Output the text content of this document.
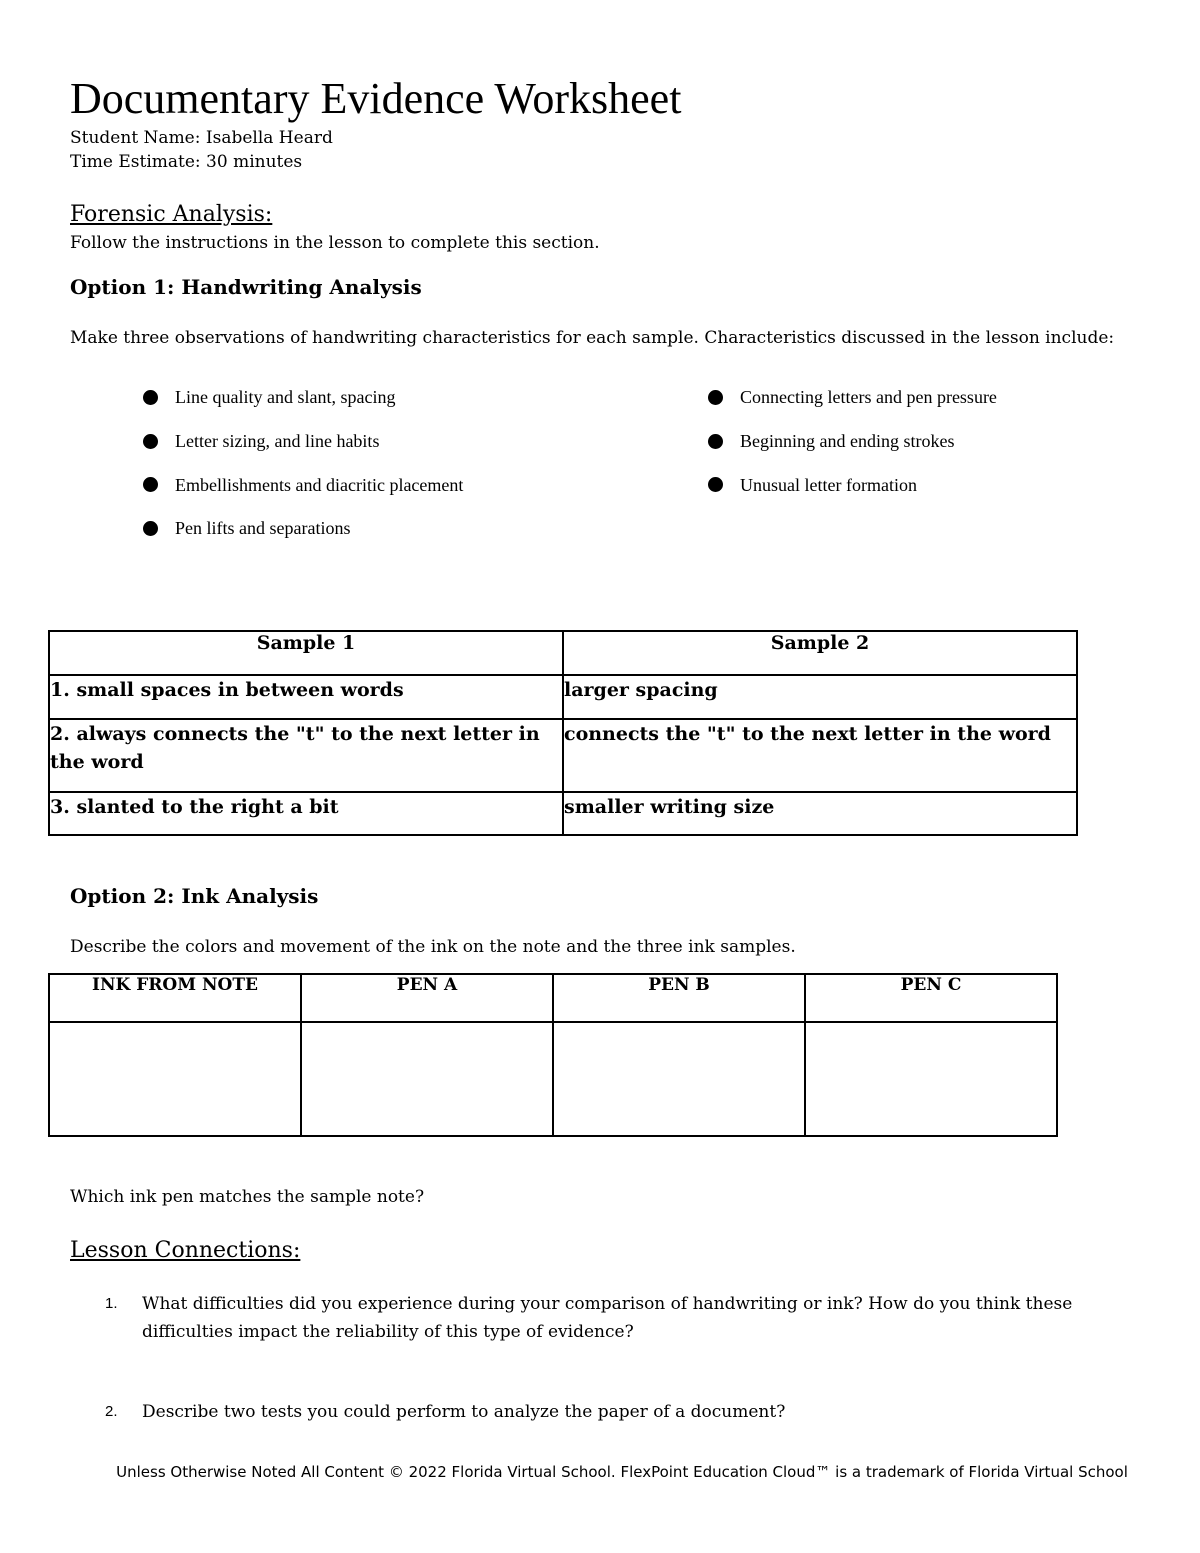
Documentary Evidence Worksheet
Student Name: Isabella Heard
Time Estimate: 30 minutes
Forensic Analysis:
Follow the instructions in the lesson to complete this section.
Option 1: Handwriting Analysis
Make three observations of handwriting characteristics for each sample. Characteristics discussed in the lesson include:
Line quality and slant, spacing
Letter sizing, and line habits
Embellishments and diacritic placement
Pen lifts and separations
Connecting letters and pen pressure
Beginning and ending strokes
Unusual letter formation
Sample 1	Sample 2
1. small spaces in between words	larger spacing
2. always connects the "t" to the next letter in the word	connects the "t" to the next letter in the word
3. slanted to the right a bit	smaller writing size
Option 2: Ink Analysis
Describe the colors and movement of the ink on the note and the three ink samples.
INK FROM NOTE	PEN A	PEN B	PEN C

Which ink pen matches the sample note?
Lesson Connections:
1. What difficulties did you experience during your comparison of handwriting or ink? How do you think these difficulties impact the reliability of this type of evidence?
2. Describe two tests you could perform to analyze the paper of a document?
Unless Otherwise Noted All Content © 2022 Florida Virtual School. FlexPoint Education Cloud™ is a trademark of Florida Virtual School
